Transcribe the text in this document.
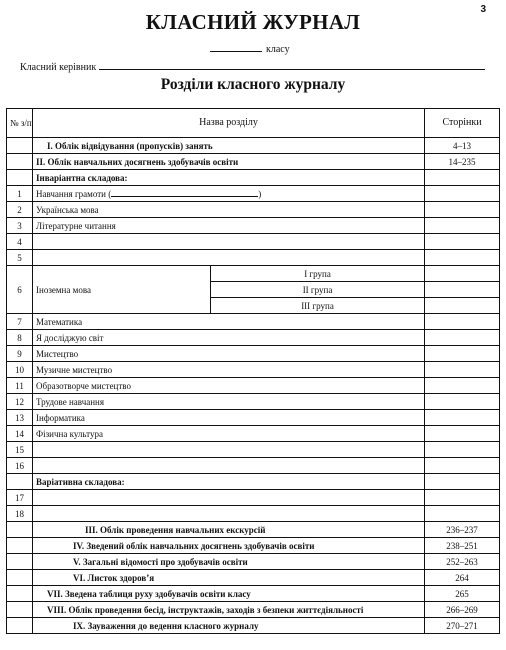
3
КЛАСНИЙ ЖУРНАЛ
класу
Класний керівник
Розділи класного журналу
№ з/п	Назва розділу		Сторінки
	I. Облік відвідування (пропусків) занять		4–13
	II. Облік навчальних досягнень здобувачів освіти		14–235
	Інваріантна складова:		
1	Навчання грамоти ( )		
2	Українська мова		
3	Літературне читання		
4			
5			
6	Іноземна мова	I група	
		II група	
		III група	
7	Математика		
8	Я досліджую світ		
9	Мистецтво		
10	Музичне мистецтво		
11	Образотворче мистецтво		
12	Трудове навчання		
13	Інформатика		
14	Фізична культура		
15			
16			
	Варіативна складова:		
17			
18			
	III. Облік проведення навчальних екскурсій		236–237
	IV. Зведений облік навчальних досягнень здобувачів освіти		238–251
	V. Загальні відомості про здобувачів освіти		252–263
	VI. Листок здоров’я		264
	VII. Зведена таблиця руху здобувачів освіти класу		265
	VIII. Облік проведення бесід, інструктажів, заходів з безпеки життєдіяльності		266–269
	IX. Зауваження до ведення класного журналу		270–271
